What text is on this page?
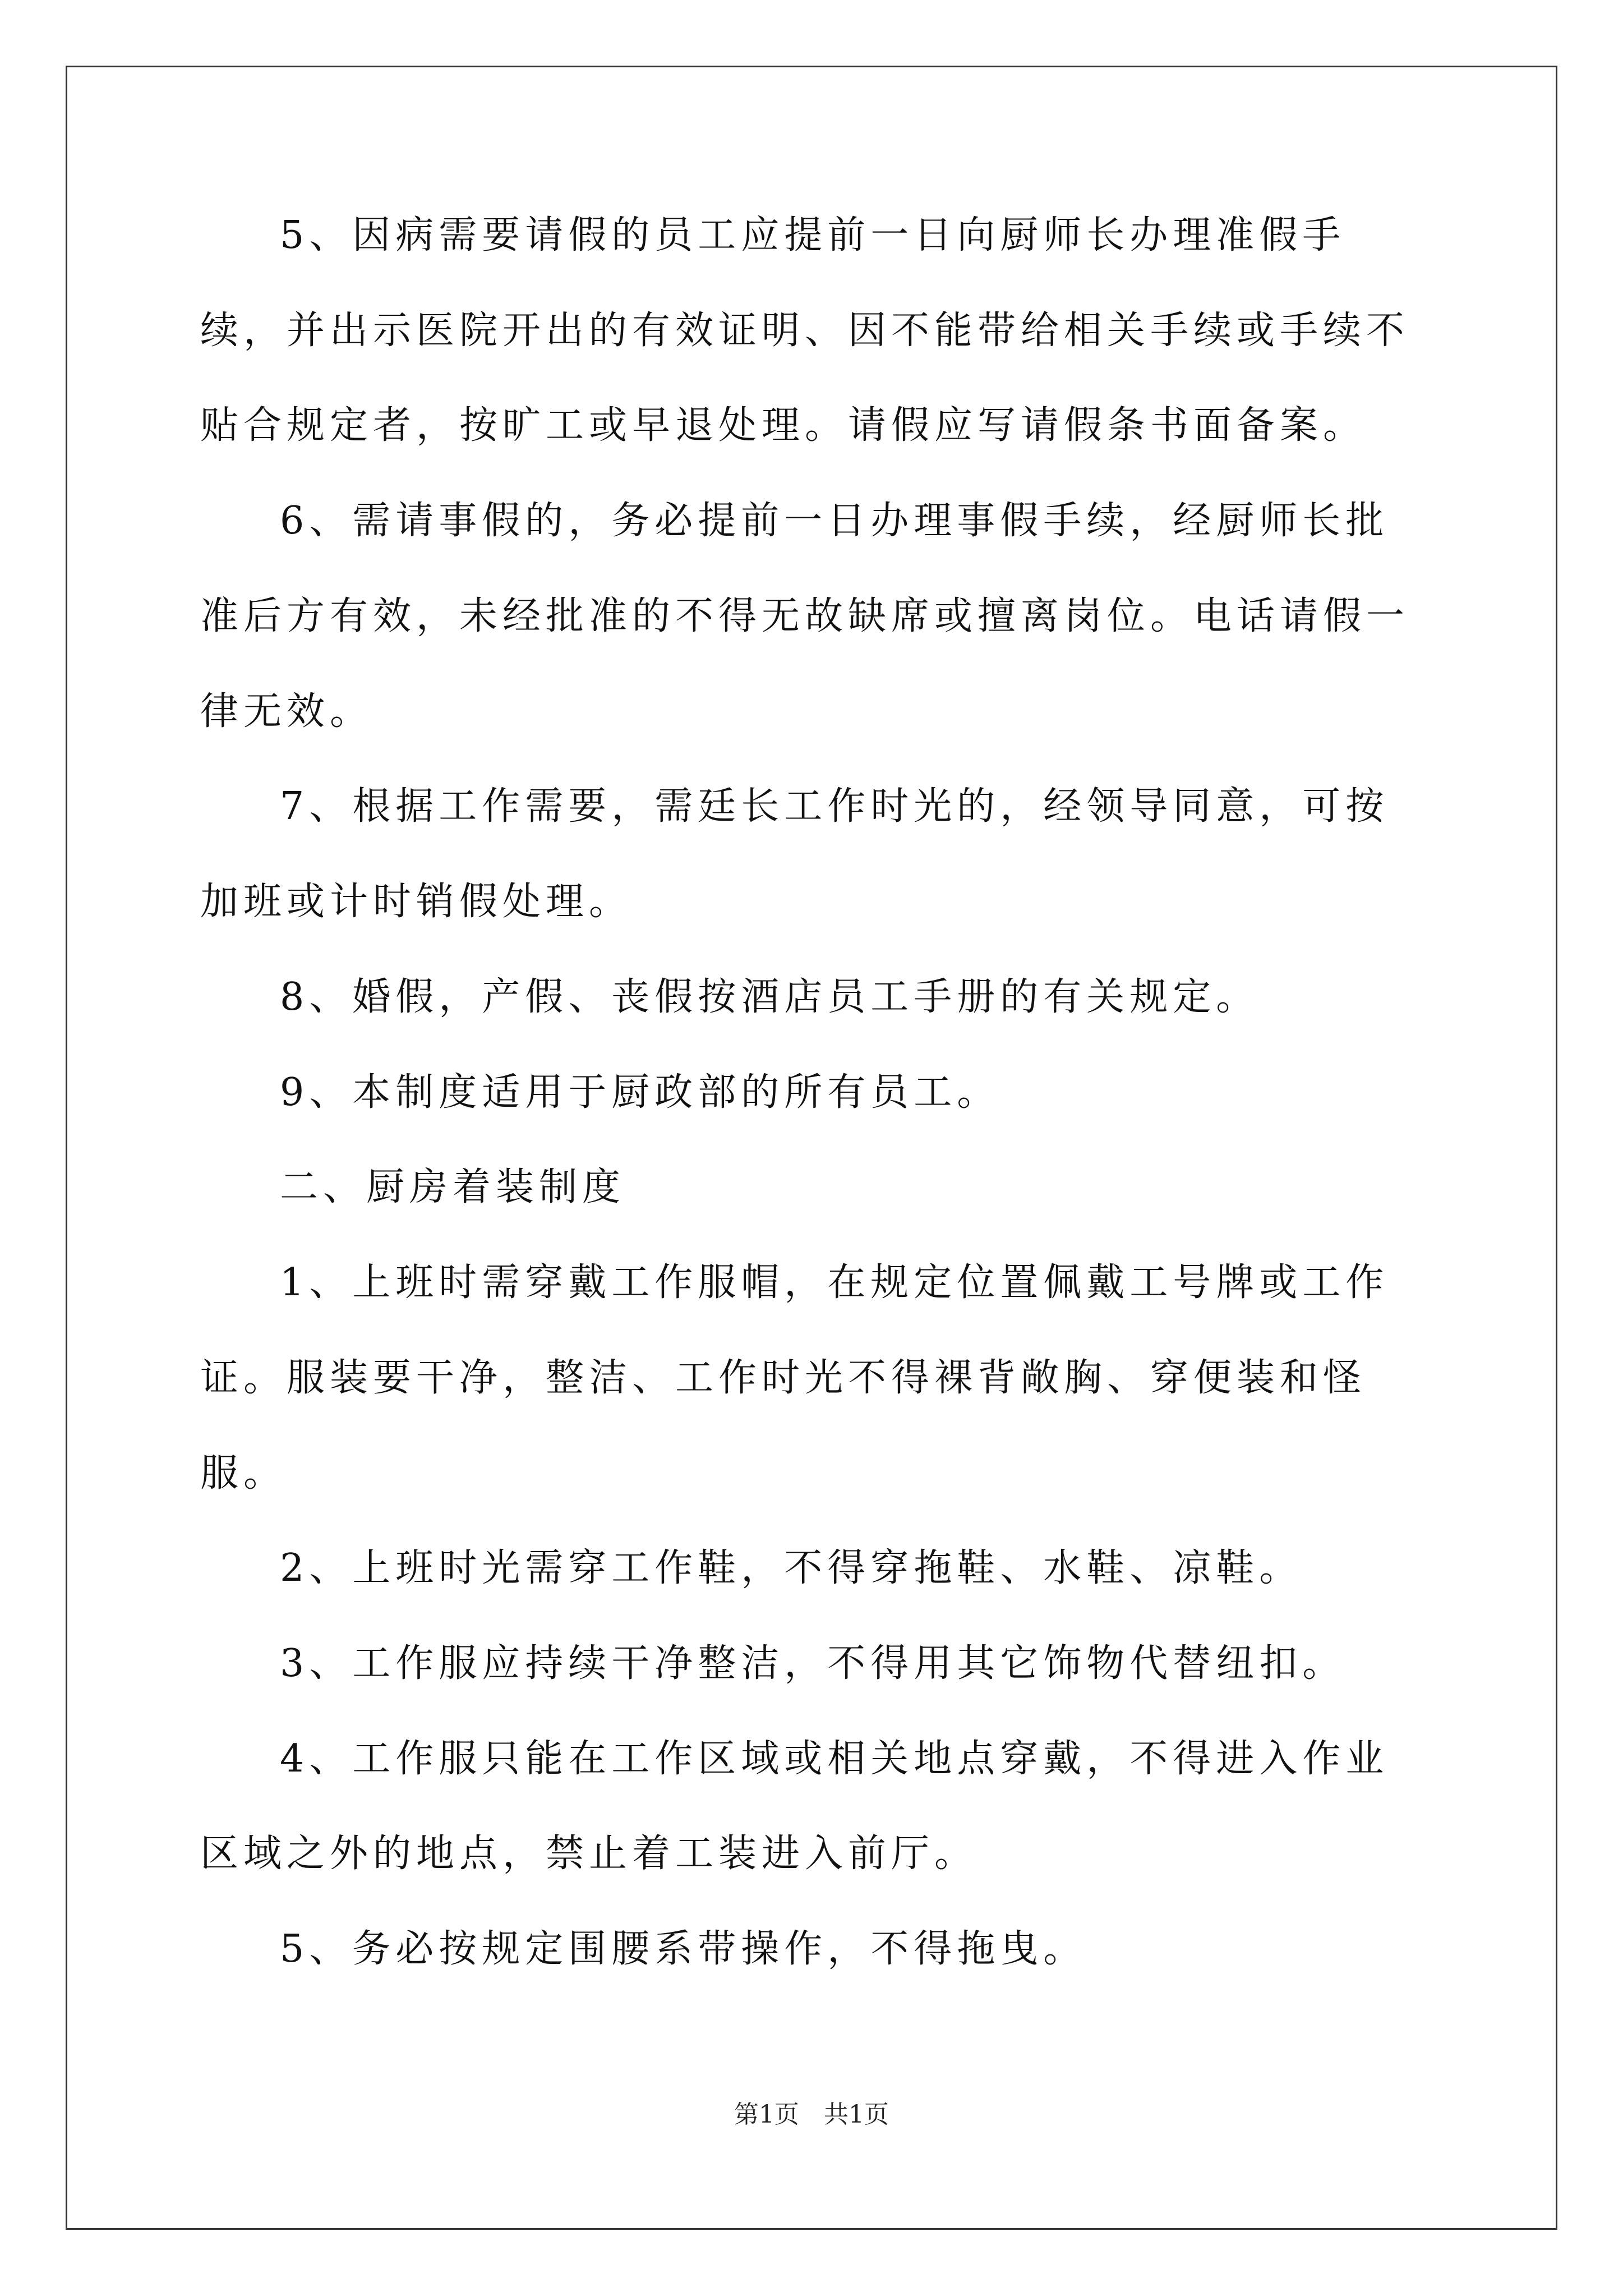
5、因病需要请假的员工应提前一日向厨师长办理准假手续，并出示医院开出的有效证明、因不能带给相关手续或手续不贴合规定者，按旷工或早退处理。请假应写请假条书面备案。

6、需请事假的，务必提前一日办理事假手续，经厨师长批准后方有效，未经批准的不得无故缺席或擅离岗位。电话请假一律无效。

7、根据工作需要，需廷长工作时光的，经领导同意，可按加班或计时销假处理。

8、婚假，产假、丧假按酒店员工手册的有关规定。

9、本制度适用于厨政部的所有员工。

二、厨房着装制度

1、上班时需穿戴工作服帽，在规定位置佩戴工号牌或工作证。服装要干净，整洁、工作时光不得裸背敞胸、穿便装和怪服。

2、上班时光需穿工作鞋，不得穿拖鞋、水鞋、凉鞋。

3、工作服应持续干净整洁，不得用其它饰物代替纽扣。

4、工作服只能在工作区域或相关地点穿戴，不得进入作业区域之外的地点，禁止着工装进入前厅。

5、务必按规定围腰系带操作，不得拖曳。

第1页　共1页
